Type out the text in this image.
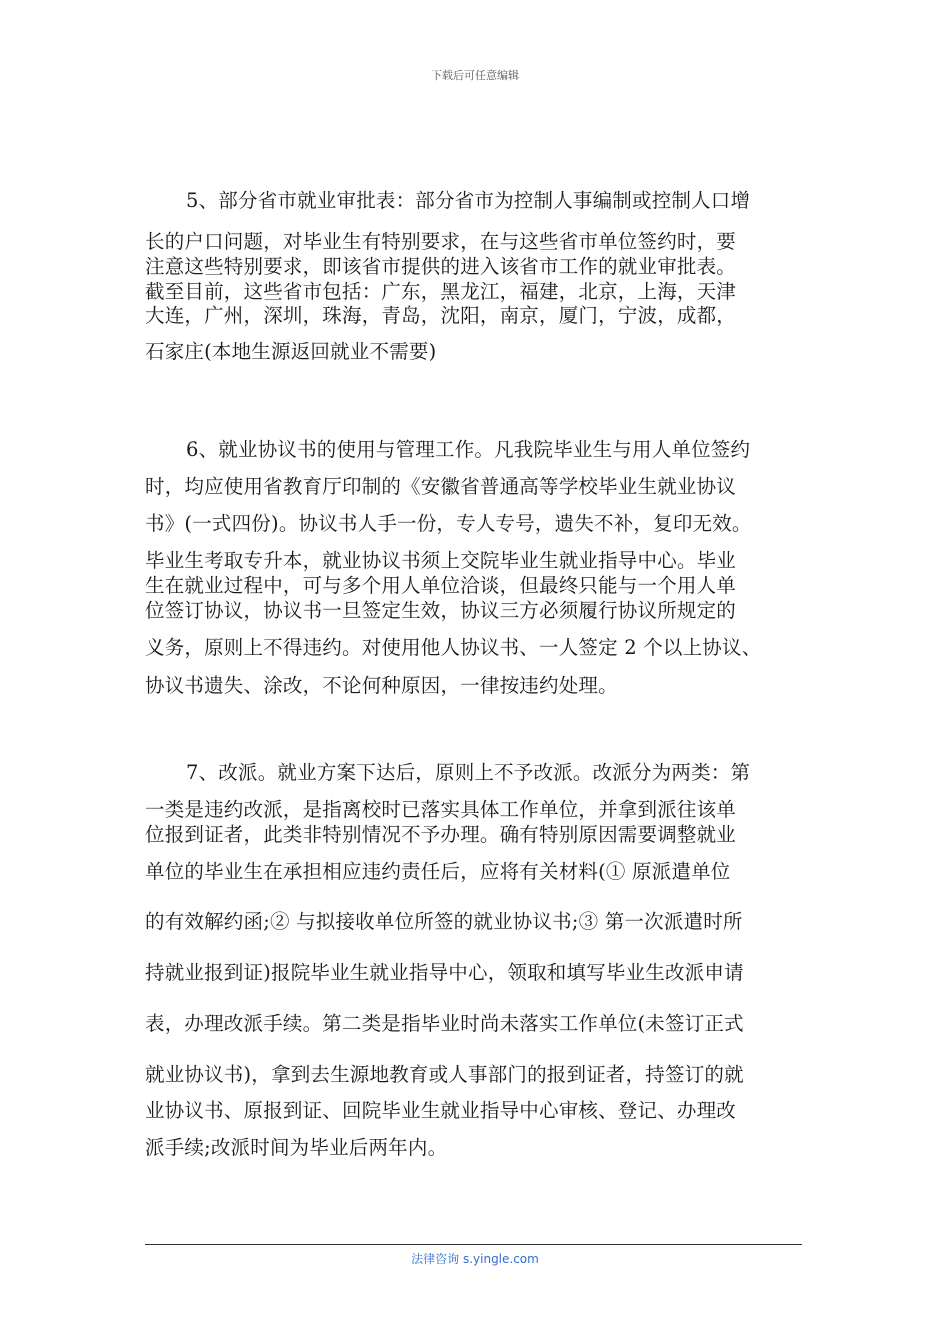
下载后可任意编辑
5、部分省市就业审批表：部分省市为控制人事编制或控制人口增
长的户口问题，对毕业生有特别要求，在与这些省市单位签约时，要
注意这些特别要求，即该省市提供的进入该省市工作的就业审批表。
截至目前，这些省市包括：广东，黑龙江，福建，北京，上海，天津
大连，广州，深圳，珠海，青岛，沈阳，南京，厦门，宁波，成都，
石家庄(本地生源返回就业不需要)
6、就业协议书的使用与管理工作。凡我院毕业生与用人单位签约
时，均应使用省教育厅印制的《安徽省普通高等学校毕业生就业协议
书》(一式四份)。协议书人手一份，专人专号，遗失不补，复印无效。
毕业生考取专升本，就业协议书须上交院毕业生就业指导中心。毕业
生在就业过程中，可与多个用人单位洽谈，但最终只能与一个用人单
位签订协议，协议书一旦签定生效，协议三方必须履行协议所规定的
义务，原则上不得违约。对使用他人协议书、一人签定 2 个以上协议、
协议书遗失、涂改，不论何种原因，一律按违约处理。
7、改派。就业方案下达后，原则上不予改派。改派分为两类：第
一类是违约改派，是指离校时已落实具体工作单位，并拿到派往该单
位报到证者，此类非特别情况不予办理。确有特别原因需要调整就业
单位的毕业生在承担相应违约责任后，应将有关材料(① 原派遣单位
的有效解约函;② 与拟接收单位所签的就业协议书;③ 第一次派遣时所
持就业报到证)报院毕业生就业指导中心，领取和填写毕业生改派申请
表，办理改派手续。第二类是指毕业时尚未落实工作单位(未签订正式
就业协议书)，拿到去生源地教育或人事部门的报到证者，持签订的就
业协议书、原报到证、回院毕业生就业指导中心审核、登记、办理改
派手续;改派时间为毕业后两年内。
法律咨询 s.yingle.com
